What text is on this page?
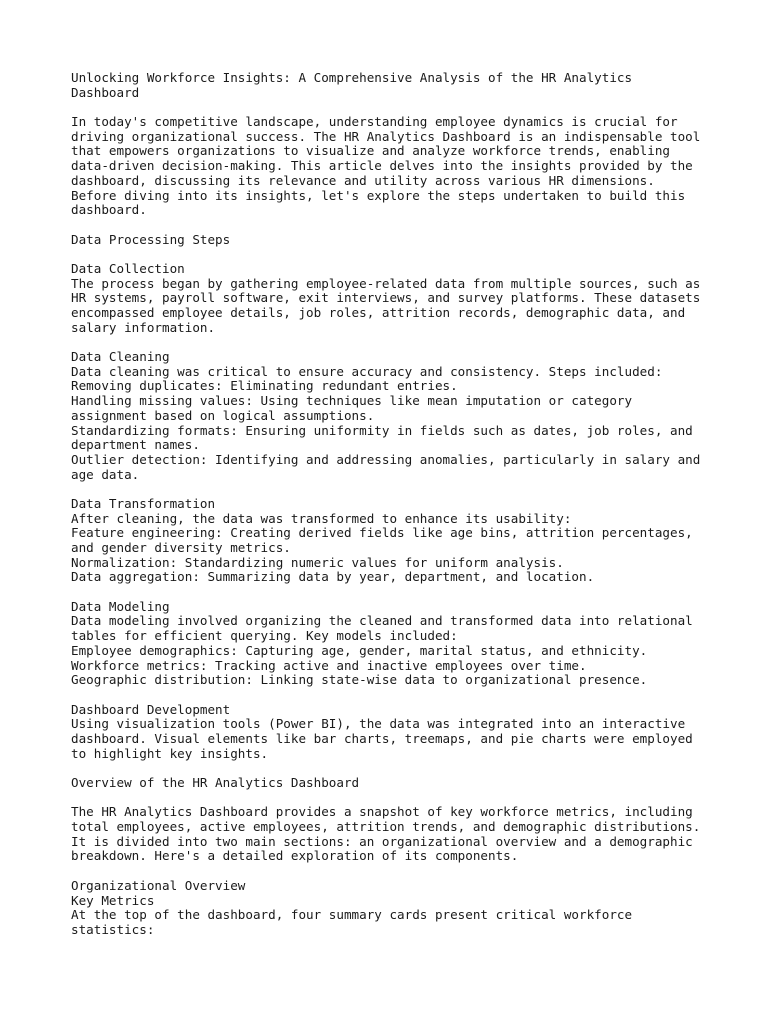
Unlocking Workforce Insights: A Comprehensive Analysis of the HR Analytics
Dashboard
In today's competitive landscape, understanding employee dynamics is crucial for
driving organizational success. The HR Analytics Dashboard is an indispensable tool
that empowers organizations to visualize and analyze workforce trends, enabling
data-driven decision-making. This article delves into the insights provided by the
dashboard, discussing its relevance and utility across various HR dimensions.
Before diving into its insights, let's explore the steps undertaken to build this
dashboard.
Data Processing Steps
Data Collection
The process began by gathering employee-related data from multiple sources, such as
HR systems, payroll software, exit interviews, and survey platforms. These datasets
encompassed employee details, job roles, attrition records, demographic data, and
salary information.
Data Cleaning
Data cleaning was critical to ensure accuracy and consistency. Steps included:
Removing duplicates: Eliminating redundant entries.
Handling missing values: Using techniques like mean imputation or category
assignment based on logical assumptions.
Standardizing formats: Ensuring uniformity in fields such as dates, job roles, and
department names.
Outlier detection: Identifying and addressing anomalies, particularly in salary and
age data.
Data Transformation
After cleaning, the data was transformed to enhance its usability:
Feature engineering: Creating derived fields like age bins, attrition percentages,
and gender diversity metrics.
Normalization: Standardizing numeric values for uniform analysis.
Data aggregation: Summarizing data by year, department, and location.
Data Modeling
Data modeling involved organizing the cleaned and transformed data into relational
tables for efficient querying. Key models included:
Employee demographics: Capturing age, gender, marital status, and ethnicity.
Workforce metrics: Tracking active and inactive employees over time.
Geographic distribution: Linking state-wise data to organizational presence.
Dashboard Development
Using visualization tools (Power BI), the data was integrated into an interactive
dashboard. Visual elements like bar charts, treemaps, and pie charts were employed
to highlight key insights.
Overview of the HR Analytics Dashboard
The HR Analytics Dashboard provides a snapshot of key workforce metrics, including
total employees, active employees, attrition trends, and demographic distributions.
It is divided into two main sections: an organizational overview and a demographic
breakdown. Here's a detailed exploration of its components.
Organizational Overview
Key Metrics
At the top of the dashboard, four summary cards present critical workforce
statistics:
